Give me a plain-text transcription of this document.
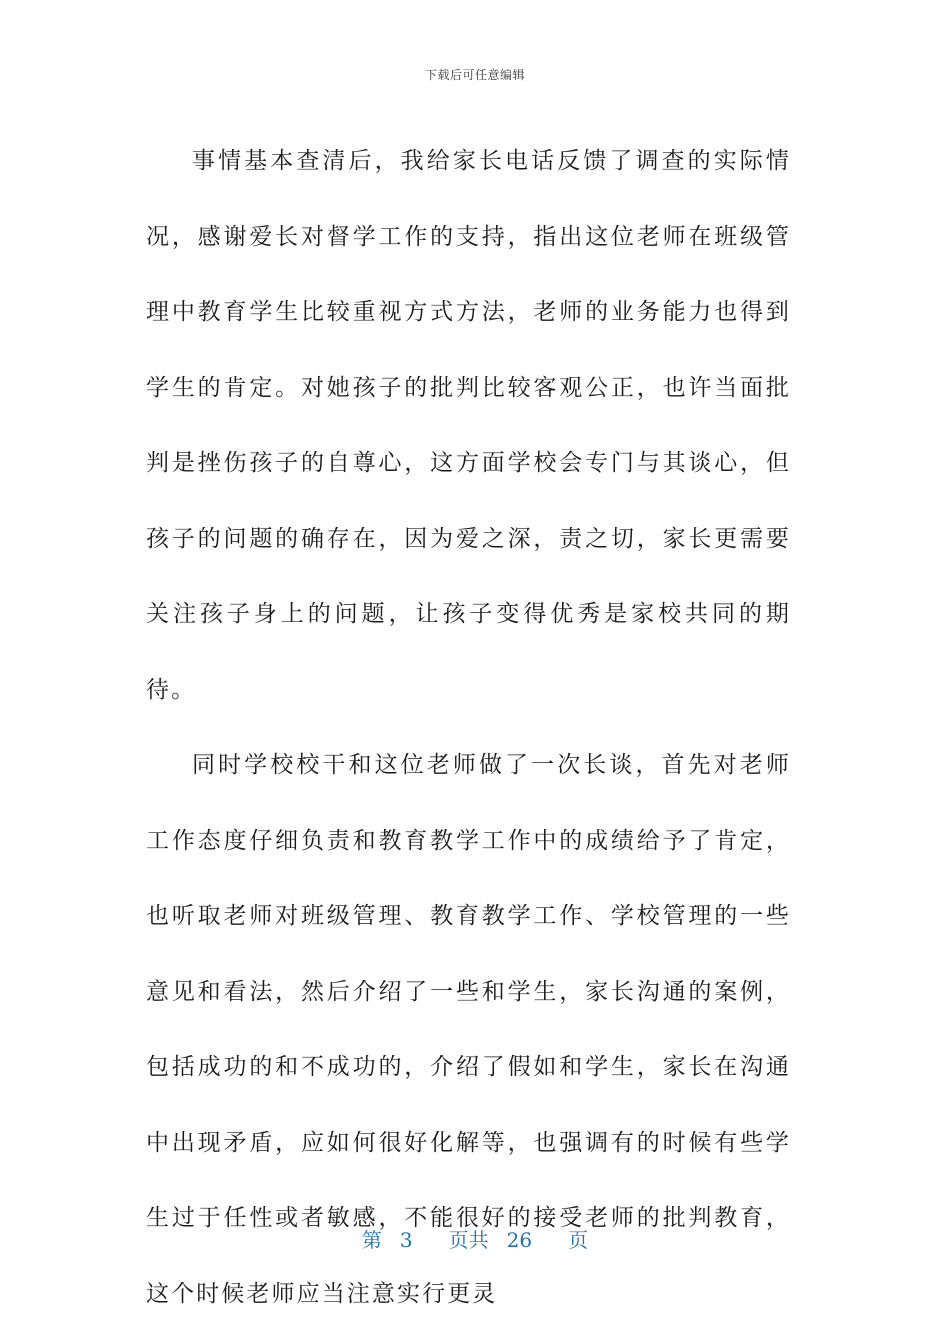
下载后可任意编辑

事情基本查清后，我给家长电话反馈了调查的实际情况，感谢爱长对督学工作的支持，指出这位老师在班级管理中教育学生比较重视方式方法，老师的业务能力也得到学生的肯定。对她孩子的批判比较客观公正，也许当面批判是挫伤孩子的自尊心，这方面学校会专门与其谈心，但孩子的问题的确存在，因为爱之深，责之切，家长更需要关注孩子身上的问题，让孩子变得优秀是家校共同的期待。

同时学校校干和这位老师做了一次长谈，首先对老师工作态度仔细负责和教育教学工作中的成绩给予了肯定，也听取老师对班级管理、教育教学工作、学校管理的一些意见和看法，然后介绍了一些和学生，家长沟通的案例，包括成功的和不成功的，介绍了假如和学生，家长在沟通中出现矛盾，应如何很好化解等，也强调有的时候有些学生过于任性或者敏感，不能很好的接受老师的批判教育，这个时候老师应当注意实行更灵

第 3 页共 26 页
